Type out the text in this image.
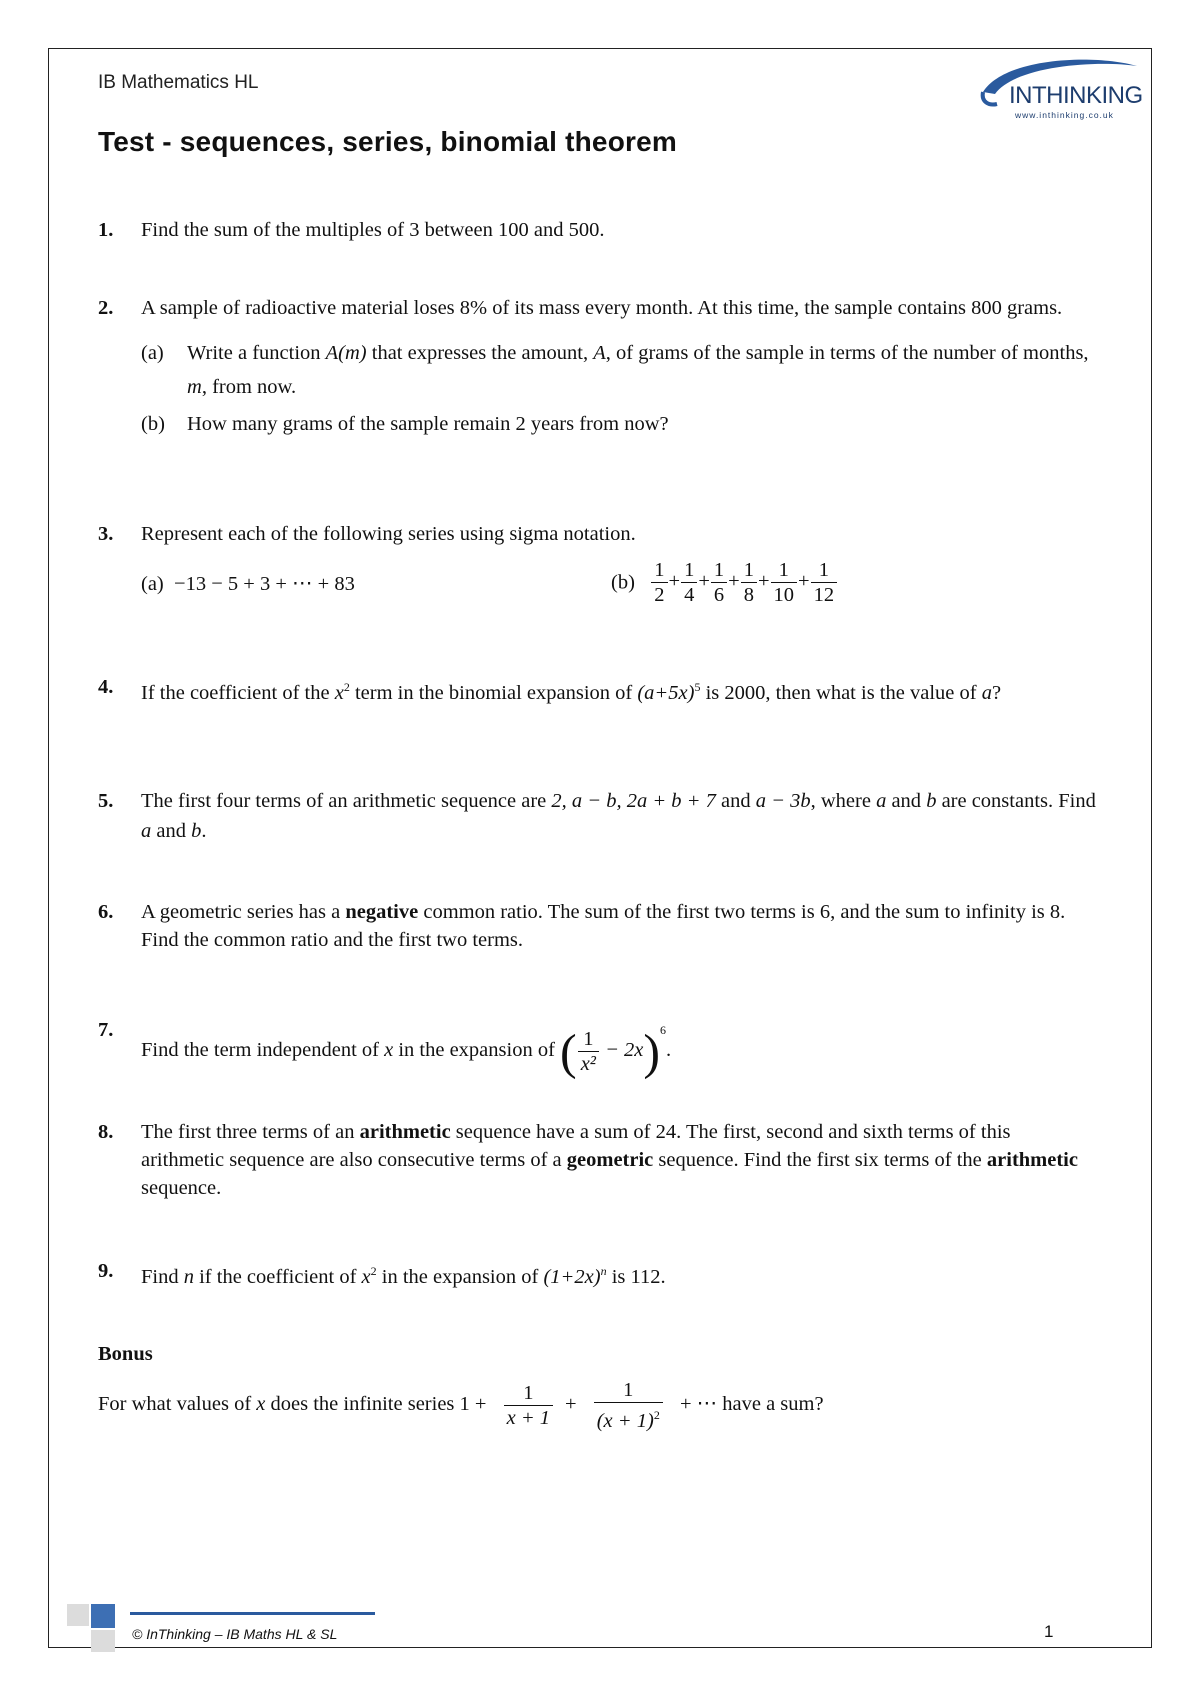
IB Mathematics HL
Test - sequences, series, binomial theorem
INTHINKING
www.inthinking.co.uk
1. Find the sum of the multiples of 3 between 100 and 500.
2. A sample of radioactive material loses 8% of its mass every month. At this time, the sample contains 800 grams.
(a) Write a function A(m) that expresses the amount, A, of grams of the sample in terms of the number of months, m, from now.
(b) How many grams of the sample remain 2 years from now?
3. Represent each of the following series using sigma notation.
(a) −13 − 5 + 3 + ⋯ + 83	$(b) \frac{1}{2} + \frac{1}{4} + \frac{1}{6} + \frac{1}{8} + \frac{1}{10} + \frac{1}{12}$
4. If the coefficient of the $x^2$ term in the binomial expansion of $(a+5x)^5$ is 2000, then what is the value of a?
5. The first four terms of an arithmetic sequence are 2, a − b, 2a + b + 7 and a − 3b, where a and b are constants. Find a and b.
6. A geometric series has a negative common ratio. The sum of the first two terms is 6, and the sum to infinity is 8. Find the common ratio and the first two terms.
7.
Find the term independent of x in the expansion of ( $\frac{1}{\text{x²}} - 2x)^6$.
8. The first three terms of an arithmetic sequence have a sum of 24. The first, second and sixth terms of this arithmetic sequence are also consecutive terms of a geometric sequence. Find the first six terms of the arithmetic sequence.
9. Find n if the coefficient of $x^2$ in the expansion of $(1+2x)^n$ is 112.
Bonus
For what values of x does the infinite series $1 + \frac{1}{x + 1} + \frac{1}{(x + 1)^2}$ + ⋯ have a sum?
© InThinking – IB Maths HL & SL	1
